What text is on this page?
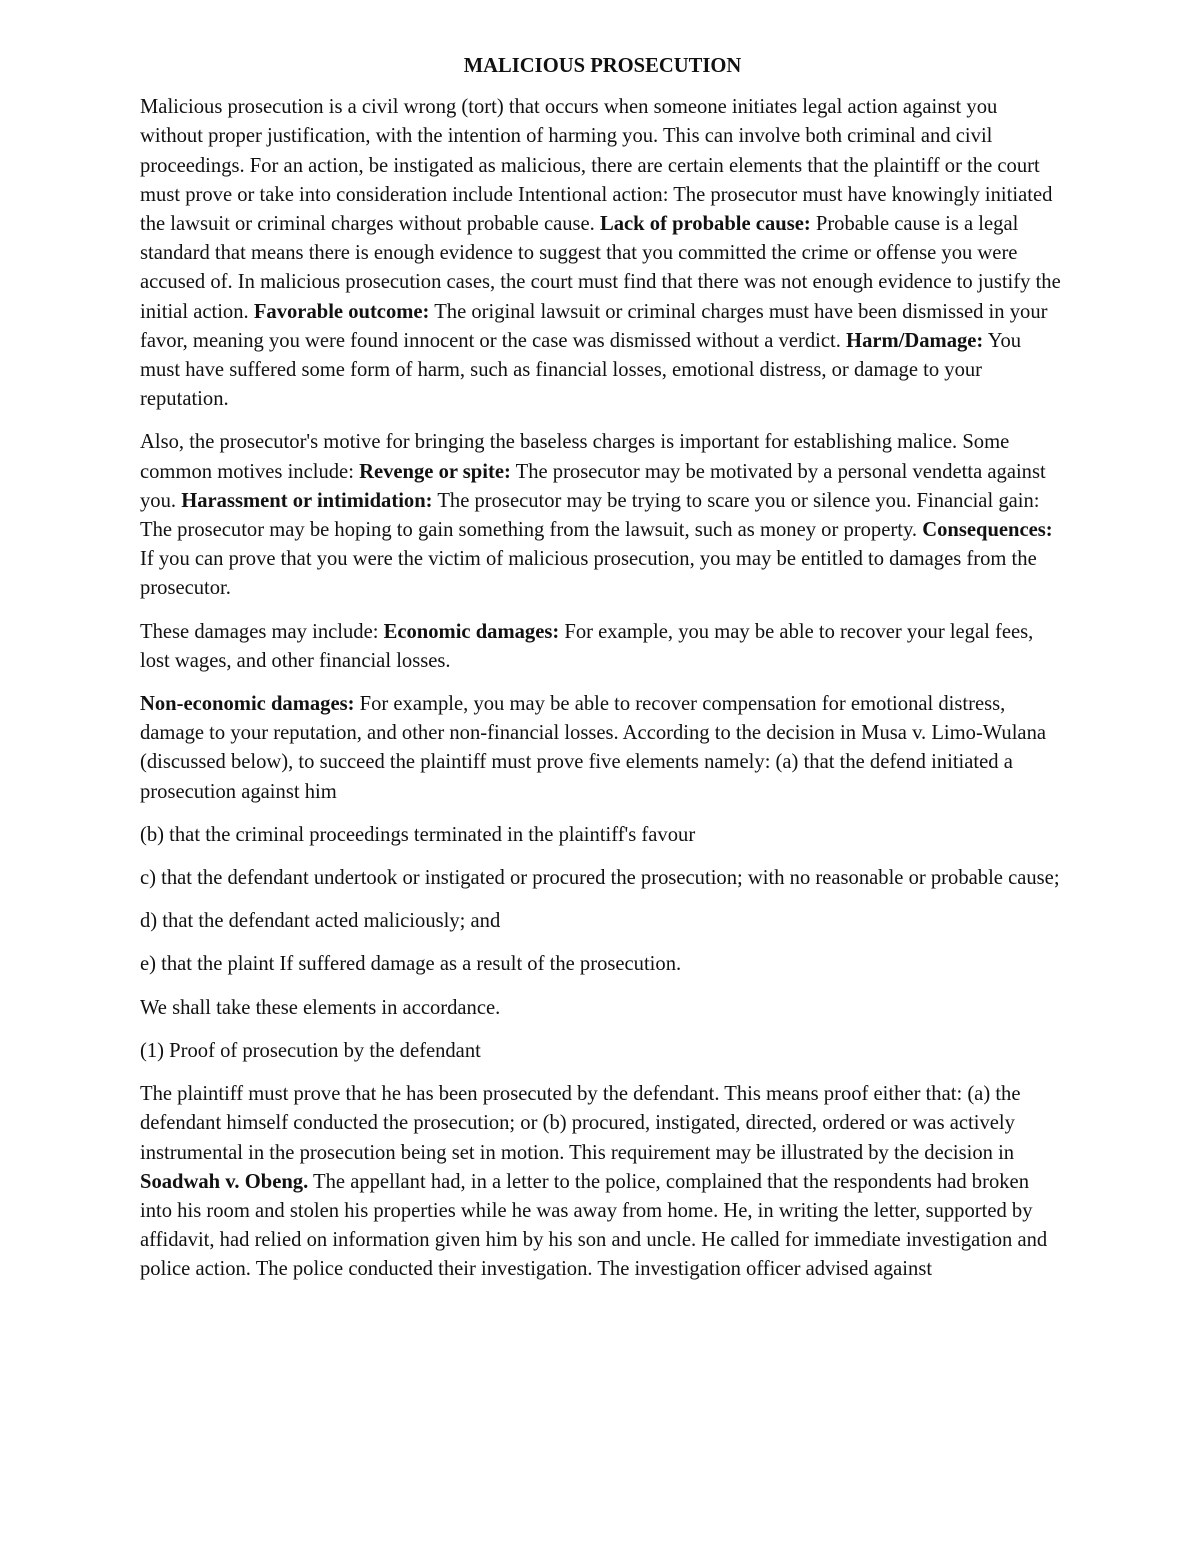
MALICIOUS PROSECUTION

Malicious prosecution is a civil wrong (tort) that occurs when someone initiates legal action against you without proper justification, with the intention of harming you. This can involve both criminal and civil proceedings. For an action, be instigated as malicious, there are certain elements that the plaintiff or the court must prove or take into consideration include Intentional action: The prosecutor must have knowingly initiated the lawsuit or criminal charges without probable cause. Lack of probable cause: Probable cause is a legal standard that means there is enough evidence to suggest that you committed the crime or offense you were accused of. In malicious prosecution cases, the court must find that there was not enough evidence to justify the initial action. Favorable outcome: The original lawsuit or criminal charges must have been dismissed in your favor, meaning you were found innocent or the case was dismissed without a verdict. Harm/Damage: You must have suffered some form of harm, such as financial losses, emotional distress, or damage to your reputation.

Also, the prosecutor's motive for bringing the baseless charges is important for establishing malice. Some common motives include: Revenge or spite: The prosecutor may be motivated by a personal vendetta against you. Harassment or intimidation: The prosecutor may be trying to scare you or silence you. Financial gain: The prosecutor may be hoping to gain something from the lawsuit, such as money or property. Consequences: If you can prove that you were the victim of malicious prosecution, you may be entitled to damages from the prosecutor.

These damages may include: Economic damages: For example, you may be able to recover your legal fees, lost wages, and other financial losses.

Non-economic damages: For example, you may be able to recover compensation for emotional distress, damage to your reputation, and other non-financial losses. According to the decision in Musa v. Limo-Wulana (discussed below), to succeed the plaintiff must prove five elements namely: (a) that the defend initiated a prosecution against him

(b) that the criminal proceedings terminated in the plaintiff's favour

c) that the defendant undertook or instigated or procured the prosecution; with no reasonable or probable cause;

d) that the defendant acted maliciously; and

e) that the plaint If suffered damage as a result of the prosecution.

We shall take these elements in accordance.

(1) Proof of prosecution by the defendant

The plaintiff must prove that he has been prosecuted by the defendant. This means proof either that: (a) the defendant himself conducted the prosecution; or (b) procured, instigated, directed, ordered or was actively instrumental in the prosecution being set in motion. This requirement may be illustrated by the decision in Soadwah v. Obeng. The appellant had, in a letter to the police, complained that the respondents had broken into his room and stolen his properties while he was away from home. He, in writing the letter, supported by affidavit, had relied on information given him by his son and uncle. He called for immediate investigation and police action. The police conducted their investigation. The investigation officer advised against
